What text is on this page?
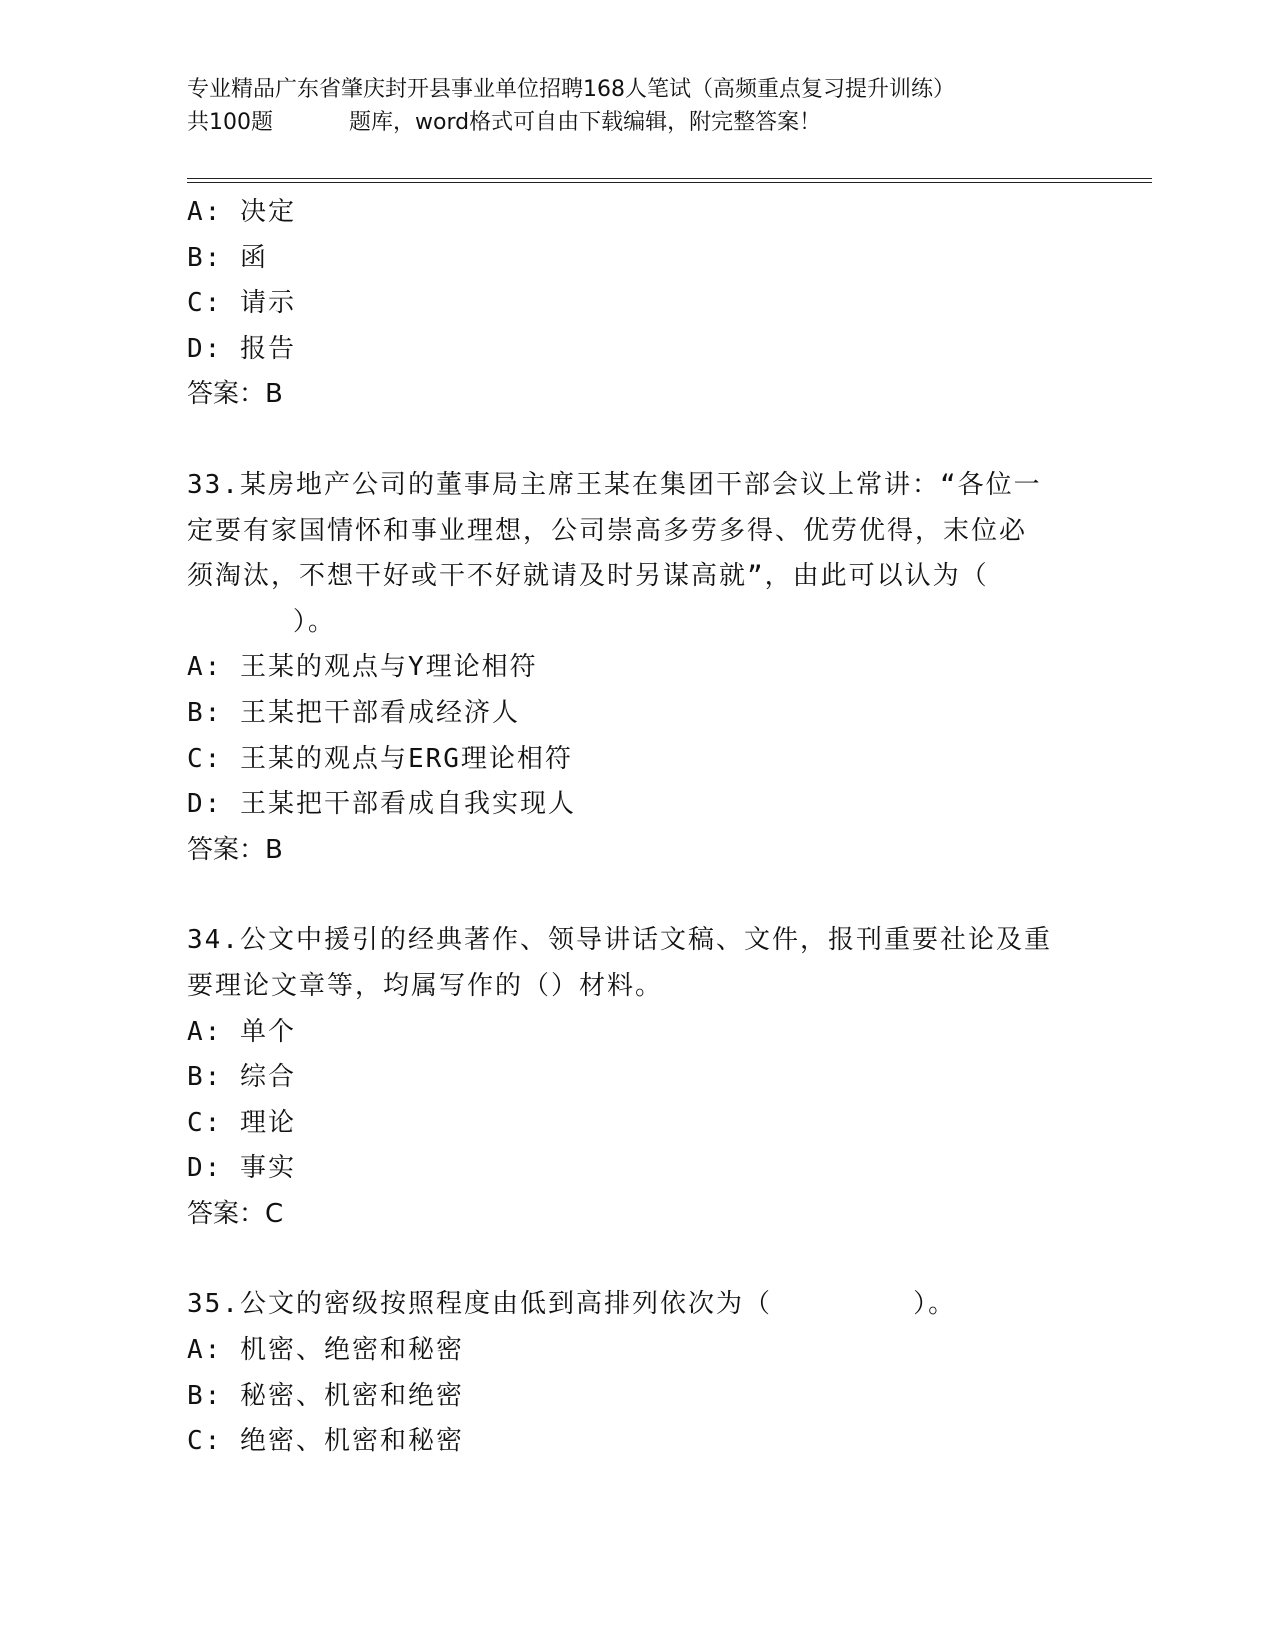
专业精品广东省肇庆封开县事业单位招聘168人笔试（高频重点复习提升训练）
共100题	题库，word格式可自由下载编辑，附完整答案！
A: 决定
B: 函
C: 请示
D: 报告
答案：B
33.某房地产公司的董事局主席王某在集团干部会议上常讲：“各位一
定要有家国情怀和事业理想，公司崇高多劳多得、优劳优得，末位必
须淘汰，不想干好或干不好就请及时另谋高就”，由此可以认为（
）。
A: 王某的观点与Y理论相符
B: 王某把干部看成经济人
C: 王某的观点与ERG理论相符
D: 王某把干部看成自我实现人
答案：B
34.公文中援引的经典著作、领导讲话文稿、文件，报刊重要社论及重
要理论文章等，均属写作的（）材料。
A: 单个
B: 综合
C: 理论
D: 事实
答案：C
35.公文的密级按照程度由低到高排列依次为（        ）。
A: 机密、绝密和秘密
B: 秘密、机密和绝密
C: 绝密、机密和秘密
